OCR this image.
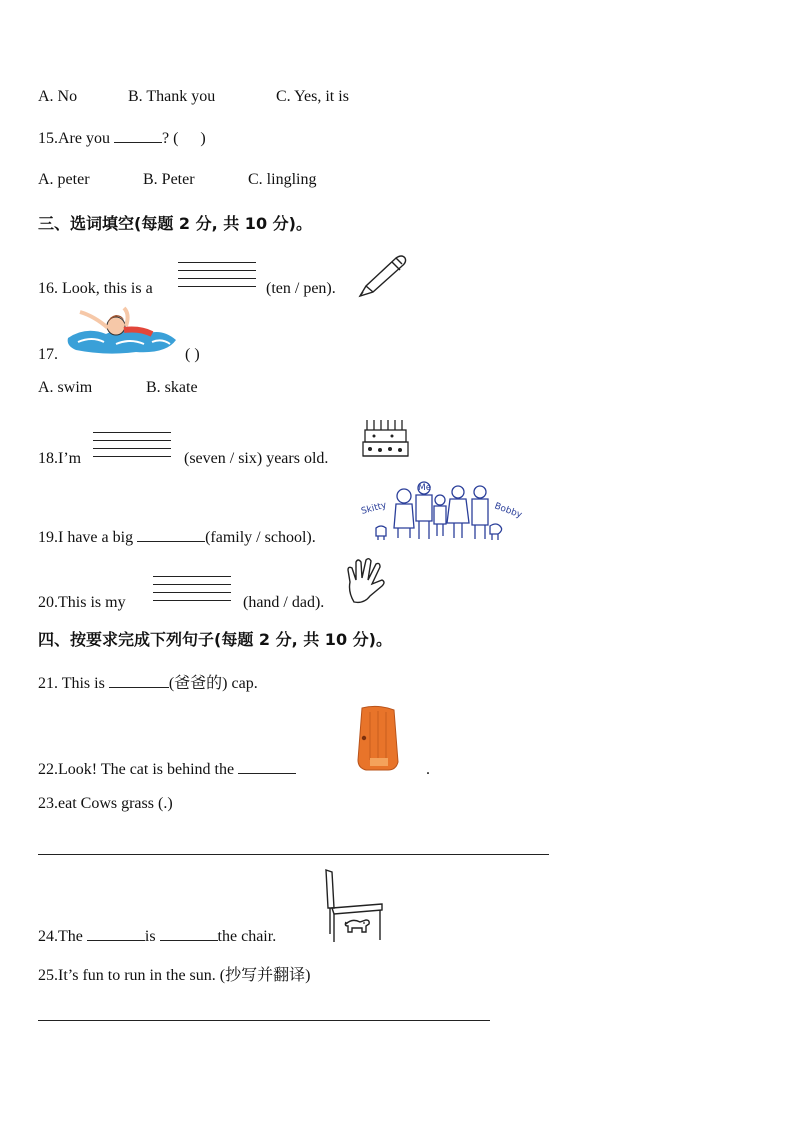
A. No	B. Thank you	C. Yes, it is
15.Are you	? ( )
A. peter	B. Peter	C. lingling
三、选词填空(每题 2 分, 共 10 分)。
16. Look, this is a	(ten / pen).
17.	( )
A. swim	B. skate
18.I’m	(seven / six) years old.
19.I have a big	(family / school).
Skitty
Me
Bobby
20.This is my	(hand / dad).
四、按要求完成下列句子(每题 2 分, 共 10 分)。
21. This is	(爸爸的) cap.
22.Look! The cat is behind the	.
23.eat Cows grass (.)
24.The	is	the chair.
25.It’s fun to run in the sun. (抄写并翻译)
